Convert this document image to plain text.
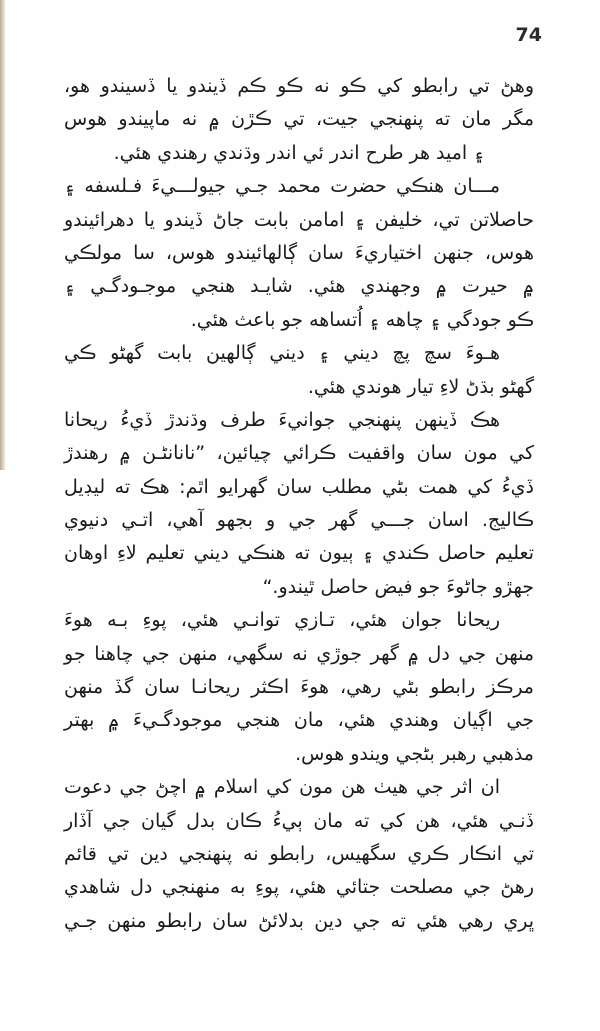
74
وهڻ تي رابطو کي ڪو نه ڪو ڪم ڏيندو يا ڏسيندو هو،
مگر مان ته پنهنجي جيت، تي ڪڙن ۾ نه ماپيندو هوس
۽ اميد هر طرح اندر ئي اندر وڌندي رهندي هئي.
مـــان هنڪي حضرت محمد جـي جيولـــيءَ فـلسفه ۽
حاصلاتن تي، خليفن ۽ امامن بابت جاڻ ڏيندو يا دهرائيندو
هوس، جنهن اختياريءَ سان ڳالهائيندو هوس، سا مولڪي
۾ حيرت ۾ وجهندي هئي. شايـد هنجي موجـودگـي ۽
ڪو جودگي ۽ چاهه ۽ اُتساهه جو باعث هئي.
هـوءَ سچ پچ ديني ۽ ديني ڳالهين بابت گهڻو ڪي
گهڻو بڌڻ لاءِ تيار هوندي هئي.
هڪ ڏينهن پنهنجي جوانيءَ طرف وڌندڙ ڏيءُ ريحانا
کي مون سان واقفيت ڪرائي چيائين، ”نانانڻـن ۾ رهندڙ
ڏيءُ کي همت بڻي مطلب سان گهرايو اٿم: هڪ ته ليڊيل
ڪاليج. اسان جـــي گهر جي و بجهو آهي، اتـي دنيوي
تعليم حاصل ڪندي ۽ ٻيون ته هنڪي ديني تعليم لاءِ اوهان
جهڙو جاڻوءَ جو فيض حاصل ٿيندو.“
ريحانا جوان هئي، تـازي توانـي هئي، پوءِ بـه هوءَ
منهن جي دل ۾ گهر جوڙي نه سگهي، منهن جي چاهنا جو
مرڪز رابطو بڻي رهي، هوءَ اڪثر ريحانـا سان گڏ منهن
جي اڳيان وهندي هئي، مان هنجي موجودگـيءَ ۾ بهتر
مذهبي رهبر بڻجي ويندو هوس.
ان اثر جي هيٺ هن مون کي اسلام ۾ اچڻ جي دعوت
ڏنـي هئي، هن کي ته مان ٻيءُ ڪان بدل گيان جي آڏار
تي انڪار ڪري سگهيس، رابطو نه پنهنجي دين تي قائم
رهڻ جي مصلحت جتائي هئي، پوءِ به منهنجي دل شاهدي
ڀري رهي هئي ته جي دين بدلائڻ سان رابطو منهن جـي
